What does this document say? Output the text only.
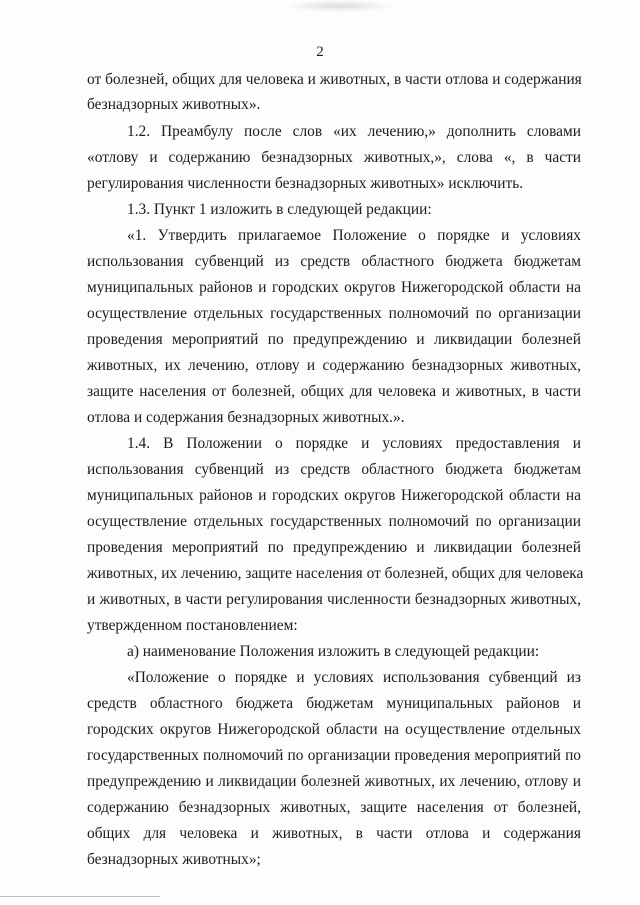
2
от болезней, общих для человека и животных, в части отлова и содержания
безнадзорных животных».
1.2. Преамбулу после слов «их лечению,» дополнить словами
«отлову и содержанию безнадзорных животных,», слова «, в части
регулирования численности безнадзорных животных» исключить.
1.3. Пункт 1 изложить в следующей редакции:
«1. Утвердить прилагаемое Положение о порядке и условиях
использования субвенций из средств областного бюджета бюджетам
муниципальных районов и городских округов Нижегородской области на
осуществление отдельных государственных полномочий по организации
проведения мероприятий по предупреждению и ликвидации болезней
животных, их лечению, отлову и содержанию безнадзорных животных,
защите населения от болезней, общих для человека и животных, в части
отлова и содержания безнадзорных животных.».
1.4. В Положении о порядке и условиях предоставления и
использования субвенций из средств областного бюджета бюджетам
муниципальных районов и городских округов Нижегородской области на
осуществление отдельных государственных полномочий по организации
проведения мероприятий по предупреждению и ликвидации болезней
животных, их лечению, защите населения от болезней, общих для человека
и животных, в части регулирования численности безнадзорных животных,
утвержденном постановлением:
а) наименование Положения изложить в следующей редакции:
«Положение о порядке и условиях использования субвенций из
средств областного бюджета бюджетам муниципальных районов и
городских округов Нижегородской области на осуществление отдельных
государственных полномочий по организации проведения мероприятий по
предупреждению и ликвидации болезней животных, их лечению, отлову и
содержанию безнадзорных животных, защите населения от болезней,
общих для человека и животных, в части отлова и содержания
безнадзорных животных»;
